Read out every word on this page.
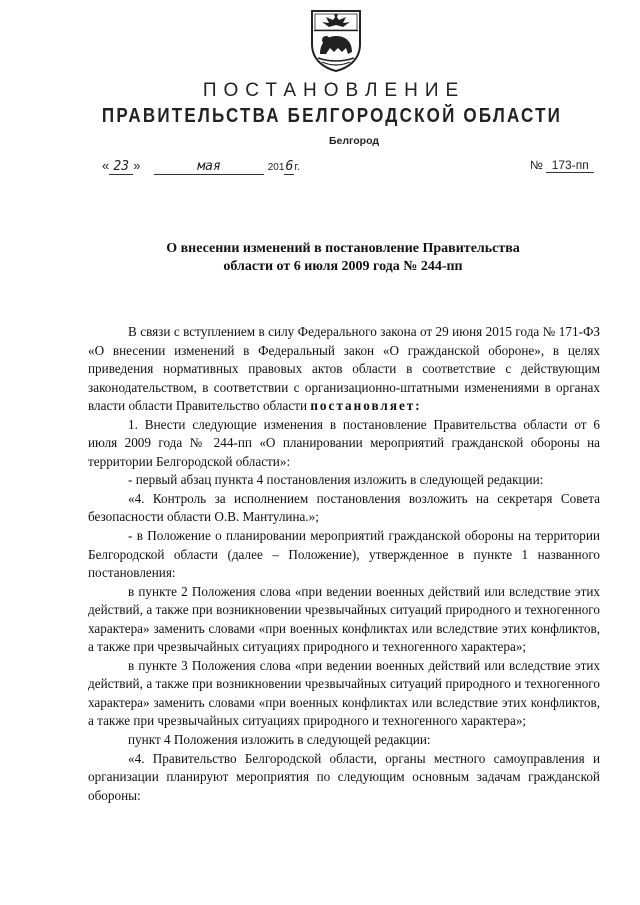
ПОСТАНОВЛЕНИЕ
ПРАВИТЕЛЬСТВА БЕЛГОРОДСКОЙ ОБЛАСТИ
Белгород
« 23 »	мая	2016г.	№ 173-пп
О внесении изменений в постановление Правительства
области от 6 июля 2009 года № 244-пп

В связи с вступлением в силу Федерального закона от 29 июня 2015 года № 171-ФЗ «О внесении изменений в Федеральный закон «О гражданской обороне», в целях приведения нормативных правовых актов области в соответствие с действующим законодательством, в соответствии с организационно-штатными изменениями в органах власти области Правительство области постановляет:

1. Внести следующие изменения в постановление Правительства области от 6 июля 2009 года № 244-пп «О планировании мероприятий гражданской обороны на территории Белгородской области»:

- первый абзац пункта 4 постановления изложить в следующей редакции:

«4. Контроль за исполнением постановления возложить на секретаря Совета безопасности области О.В. Мантулина.»;

- в Положение о планировании мероприятий гражданской обороны на территории Белгородской области (далее – Положение), утвержденное в пункте 1 названного постановления:

в пункте 2 Положения слова «при ведении военных действий или вследствие этих действий, а также при возникновении чрезвычайных ситуаций природного и техногенного характера» заменить словами «при военных конфликтах или вследствие этих конфликтов, а также при чрезвычайных ситуациях природного и техногенного характера»;

в пункте 3 Положения слова «при ведении военных действий или вследствие этих действий, а также при возникновении чрезвычайных ситуаций природного и техногенного характера» заменить словами «при военных конфликтах или вследствие этих конфликтов, а также при чрезвычайных ситуациях природного и техногенного характера»;

пункт 4 Положения изложить в следующей редакции:

«4. Правительство Белгородской области, органы местного самоуправления и организации планируют мероприятия по следующим основным задачам гражданской обороны:
